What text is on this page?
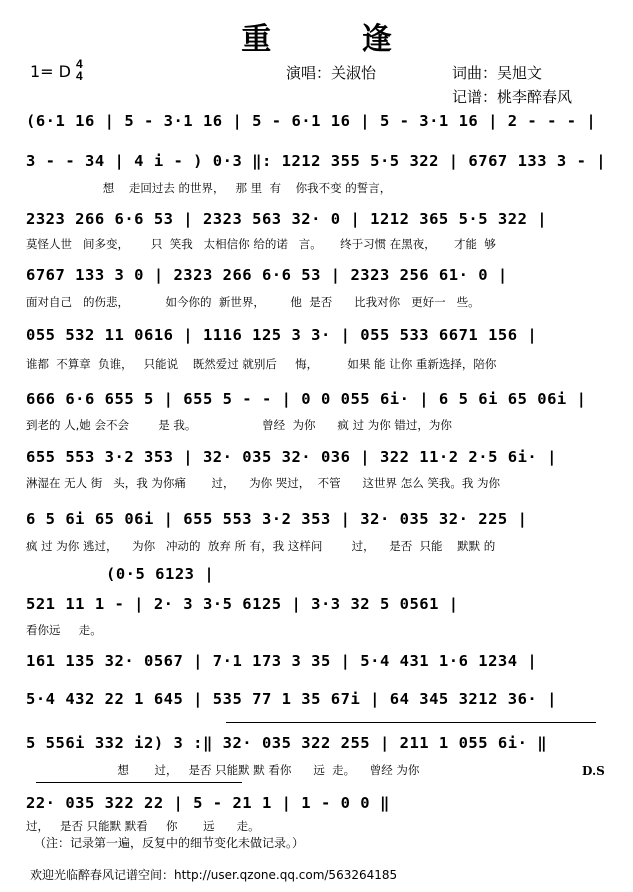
重 逢
1= D 4
4	演唱：关淑怡	词曲：吴旭文
记谱：桃李醉春风
(6·1 16 | 5 - 3·1 16 | 5 - 6·1 16 | 5 - 3·1 16 | 2 - - - |
3 - - 34 | 4 i - ) 0·3 ‖: 1212 355 5·5 322 | 6767 133 3 - |
想    走回过去 的世界，   那 里  有    你我不变 的誓言，
2323 266 6·6 53 | 2323 563 32· 0 | 1212 365 5·5 322 |
莫怪人世   间多变，      只  笑我   太相信你 给的诺   言。     终于习惯 在黑夜，     才能  够
6767 133 3 0 | 2323 266 6·6 53 | 2323 256 61· 0 |
面对自己   的伤悲，          如今你的  新世界，       他  是否      比我对你   更好一   些。
055 532 11 0616 | 1116 125 3 3· | 055 533 6671 156 |
谁都  不算章  负谁，   只能说    既然爱过 就别后     悔，        如果 能 让你 重新选择，陪你
666 6·6 655 5 | 655 5 - - | 0 0 055 6i· | 6 5 6i 65 06i |
到老的 人,她 会不会        是 我。                  曾经  为你      疯 过 为你 错过，为你
655 553 3·2 353 | 32· 035 32· 036 | 322 11·2 2·5 6i· |
淋湿在 无人 街   头，我 为你痛       过，    为你 哭过，  不管      这世界 怎么 笑我。我 为你
6 5 6i 65 06i | 655 553 3·2 353 | 32· 035 32· 225 |
疯 过 为你 逃过，    为你   冲动的  放弃 所 有，我 这样问        过，    是否  只能    默默 的
(0·5 6123 |
521 11 1 - | 2· 3 3·5 6125 | 3·3 32 5 0561 |
看你远     走。
161 135 32· 0567 | 7·1 173 3 35 | 5·4 431 1·6 1234 |
5·4 432 22 1 645 | 535 77 1 35 67i | 64 345 3212 36· |
5 556i 332 i2) 3 :‖ 32· 035 322 255 | 211 1 055 6i· ‖
想       过，   是否 只能默 默 看你      远  走。    曾经 为你	D.S
22· 035 322 22 | 5 - 21 1 | 1 - 0 0 ‖
过，   是否 只能默 默看     你       远      走。
（注：记录第一遍，反复中的细节变化未做记录。）
欢迎光临醉春风记谱空间：http://user.qzone.qq.com/563264185
